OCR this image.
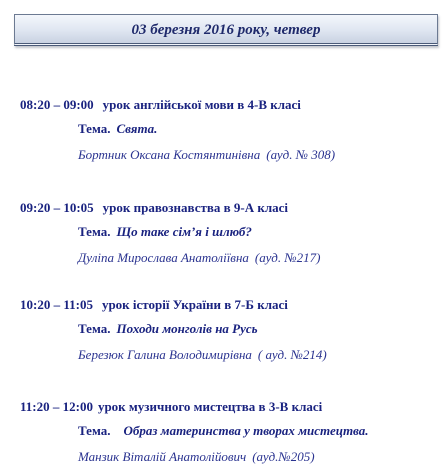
03 березня 2016 року, четвер
08:20 – 09:00 урок англійської мови в 4-В класі
Тема. Свята.
Бортник Оксана Костянтинівна (ауд. № 308)
09:20 – 10:05 урок правознавства в 9-А класі
Тема. Що таке сім’я і шлюб?
Дуліпа Мирослава Анатоліївна (ауд. №217)
10:20 – 11:05 урок історії України в 7-Б класі
Тема. Походи монголів на Русь
Березюк Галина Володимирівна ( ауд. №214)
11:20 – 12:00 урок музичного мистецтва в 3-В класі
Тема. Образ материнства у творах мистецтва.
Манзик Віталій Анатолійович (ауд.№205)
